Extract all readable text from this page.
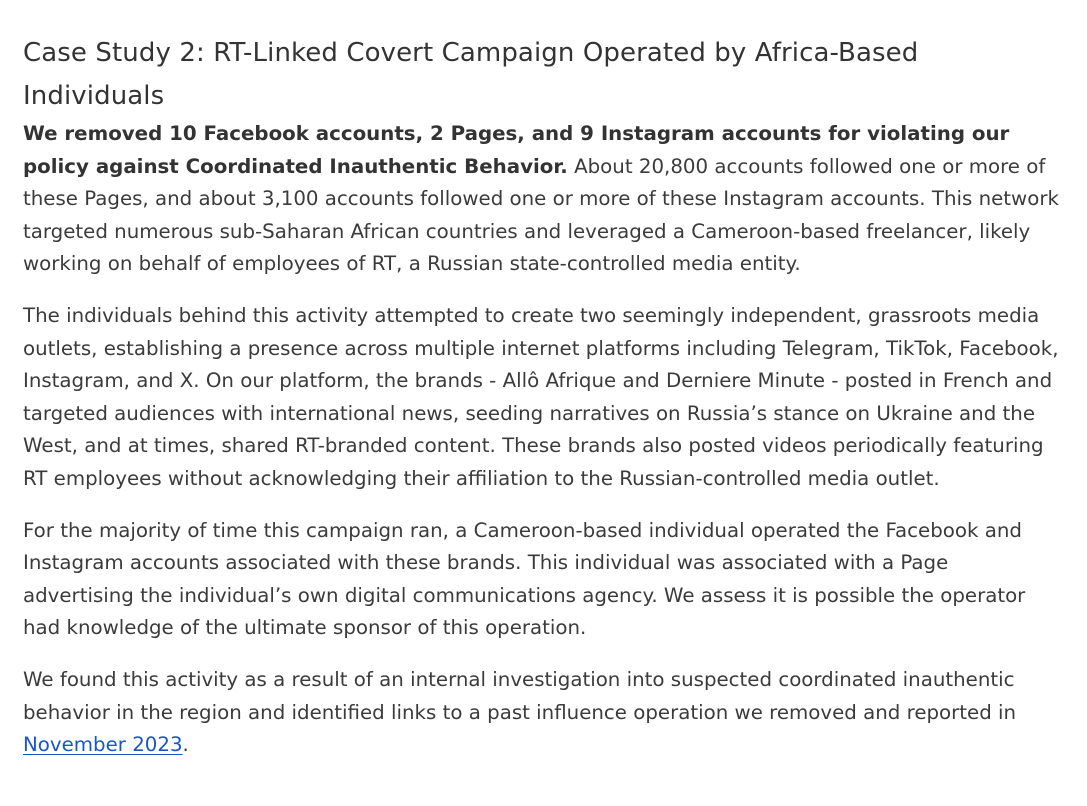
Case Study 2: RT-Linked Covert Campaign Operated by Africa-Based Individuals

We removed 10 Facebook accounts, 2 Pages, and 9 Instagram accounts for violating our policy against Coordinated Inauthentic Behavior. About 20,800 accounts followed one or more of these Pages, and about 3,100 accounts followed one or more of these Instagram accounts. This network targeted numerous sub-Saharan African countries and leveraged a Cameroon-based freelancer, likely working on behalf of employees of RT, a Russian state-controlled media entity.

The individuals behind this activity attempted to create two seemingly independent, grassroots media outlets, establishing a presence across multiple internet platforms including Telegram, TikTok, Facebook, Instagram, and X. On our platform, the brands - Allô Afrique and Derniere Minute - posted in French and targeted audiences with international news, seeding narratives on Russia’s stance on Ukraine and the West, and at times, shared RT-branded content. These brands also posted videos periodically featuring RT employees without acknowledging their affiliation to the Russian-controlled media outlet.

For the majority of time this campaign ran, a Cameroon-based individual operated the Facebook and Instagram accounts associated with these brands. This individual was associated with a Page advertising the individual’s own digital communications agency. We assess it is possible the operator had knowledge of the ultimate sponsor of this operation.

We found this activity as a result of an internal investigation into suspected coordinated inauthentic behavior in the region and identified links to a past influence operation we removed and reported in November 2023.
